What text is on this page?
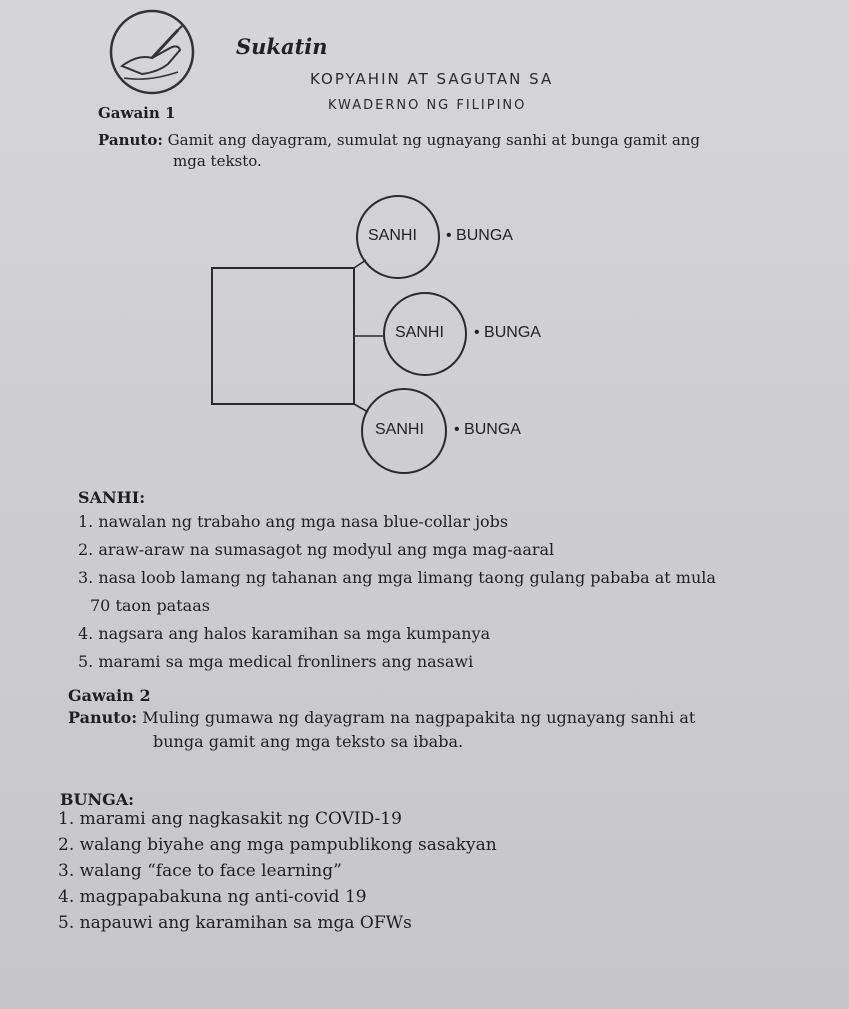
Sukatin
KOPYAHIN AT SAGUTAN SA
KWADERNO NG FILIPINO
Gawain 1
Panuto: Gamit ang dayagram, sumulat ng ugnayang sanhi at bunga gamit ang
mga teksto.
SANHI • BUNGA
SANHI • BUNGA
SANHI • BUNGA
SANHI:
1. nawalan ng trabaho ang mga nasa blue-collar jobs
2. araw-araw na sumasagot ng modyul ang mga mag-aaral
3. nasa loob lamang ng tahanan ang mga limang taong gulang pababa at mula
70 taon pataas
4. nagsara ang halos karamihan sa mga kumpanya
5. marami sa mga medical fronliners ang nasawi
Gawain 2
Panuto: Muling gumawa ng dayagram na nagpapakita ng ugnayang sanhi at
bunga gamit ang mga teksto sa ibaba.
BUNGA:
1. marami ang nagkasakit ng COVID-19
2. walang biyahe ang mga pampublikong sasakyan
3. walang “face to face learning”
4. magpapabakuna ng anti-covid 19
5. napauwi ang karamihan sa mga OFWs
